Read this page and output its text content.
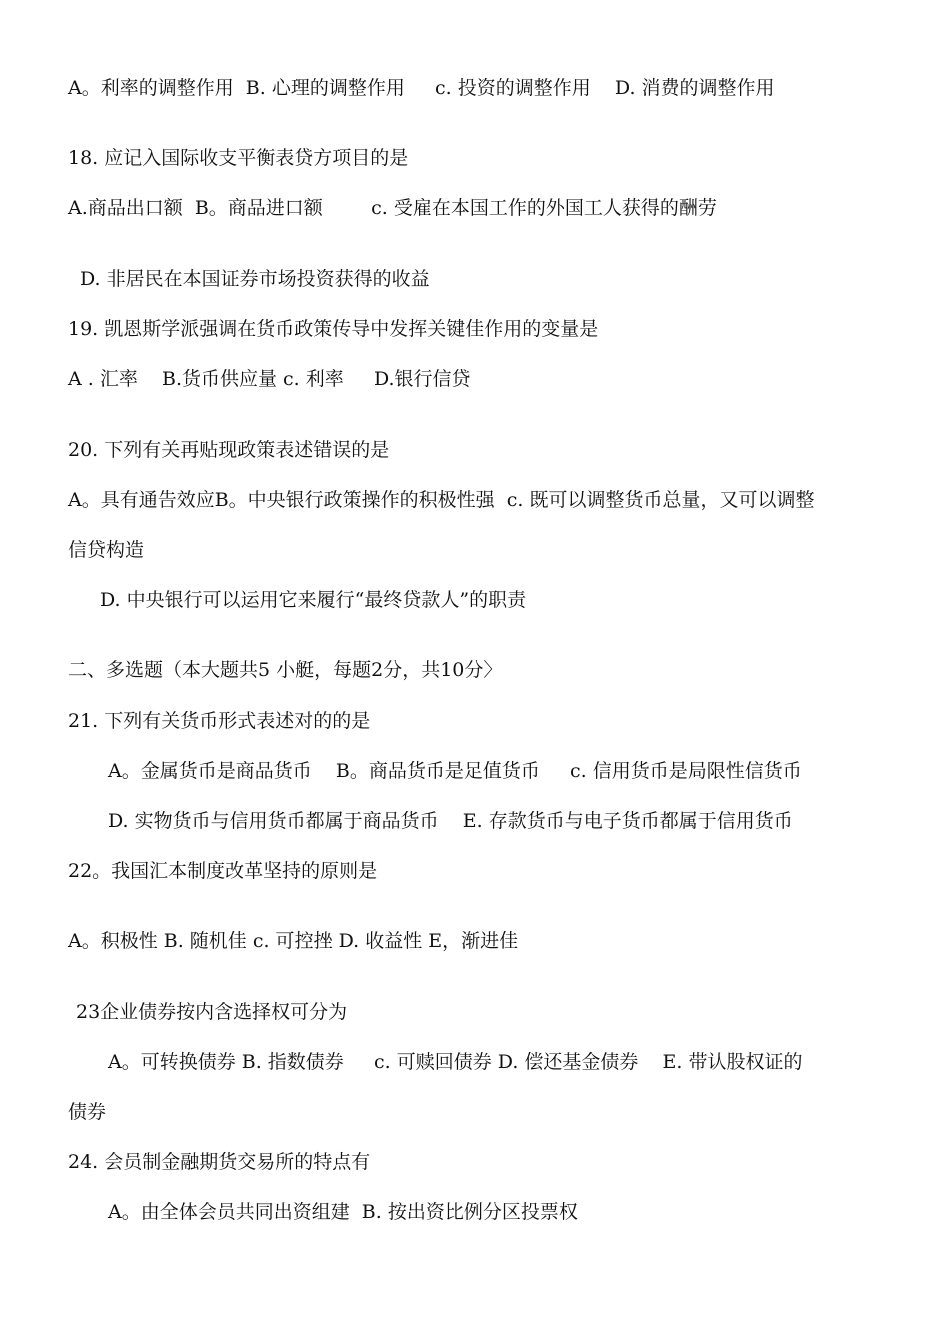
A。利率的调整作用  B. 心理的调整作用     c. 投资的调整作用    D. 消费的调整作用
18. 应记入国际收支平衡表贷方项目的是
A.商品出口额  B。商品进口额        c. 受雇在本国工作的外国工人获得的酬劳
D. 非居民在本国证券市场投资获得的收益
19. 凯恩斯学派强调在货币政策传导中发挥关键佳作用的变量是
A . 汇率    B.货币供应量 c. 利率     D.银行信贷
20. 下列有关再贴现政策表述错误的是
A。具有通告效应B。中央银行政策操作的积极性强  c. 既可以调整货币总量，又可以调整
信贷构造
D. 中央银行可以运用它来履行“最终贷款人”的职责
二、多选题（本大题共5 小艇，每题2分，共10分〉
21. 下列有关货币形式表述对的的是
A。金属货币是商品货币    B。商品货币是足值货币     c. 信用货币是局限性信货币
D. 实物货币与信用货币都属于商品货币    E. 存款货币与电子货币都属于信用货币
22。我国汇本制度改革坚持的原则是
A。积极性 B. 随机佳 c. 可控挫 D. 收益性 E，渐进佳
23企业债券按内含选择权可分为
A。可转换债券 B. 指数债券     c. 可赎回债券 D. 偿还基金债券    E. 带认股权证的
债券
24. 会员制金融期货交易所的特点有
A。由全体会员共同出资组建  B. 按出资比例分区投票权
